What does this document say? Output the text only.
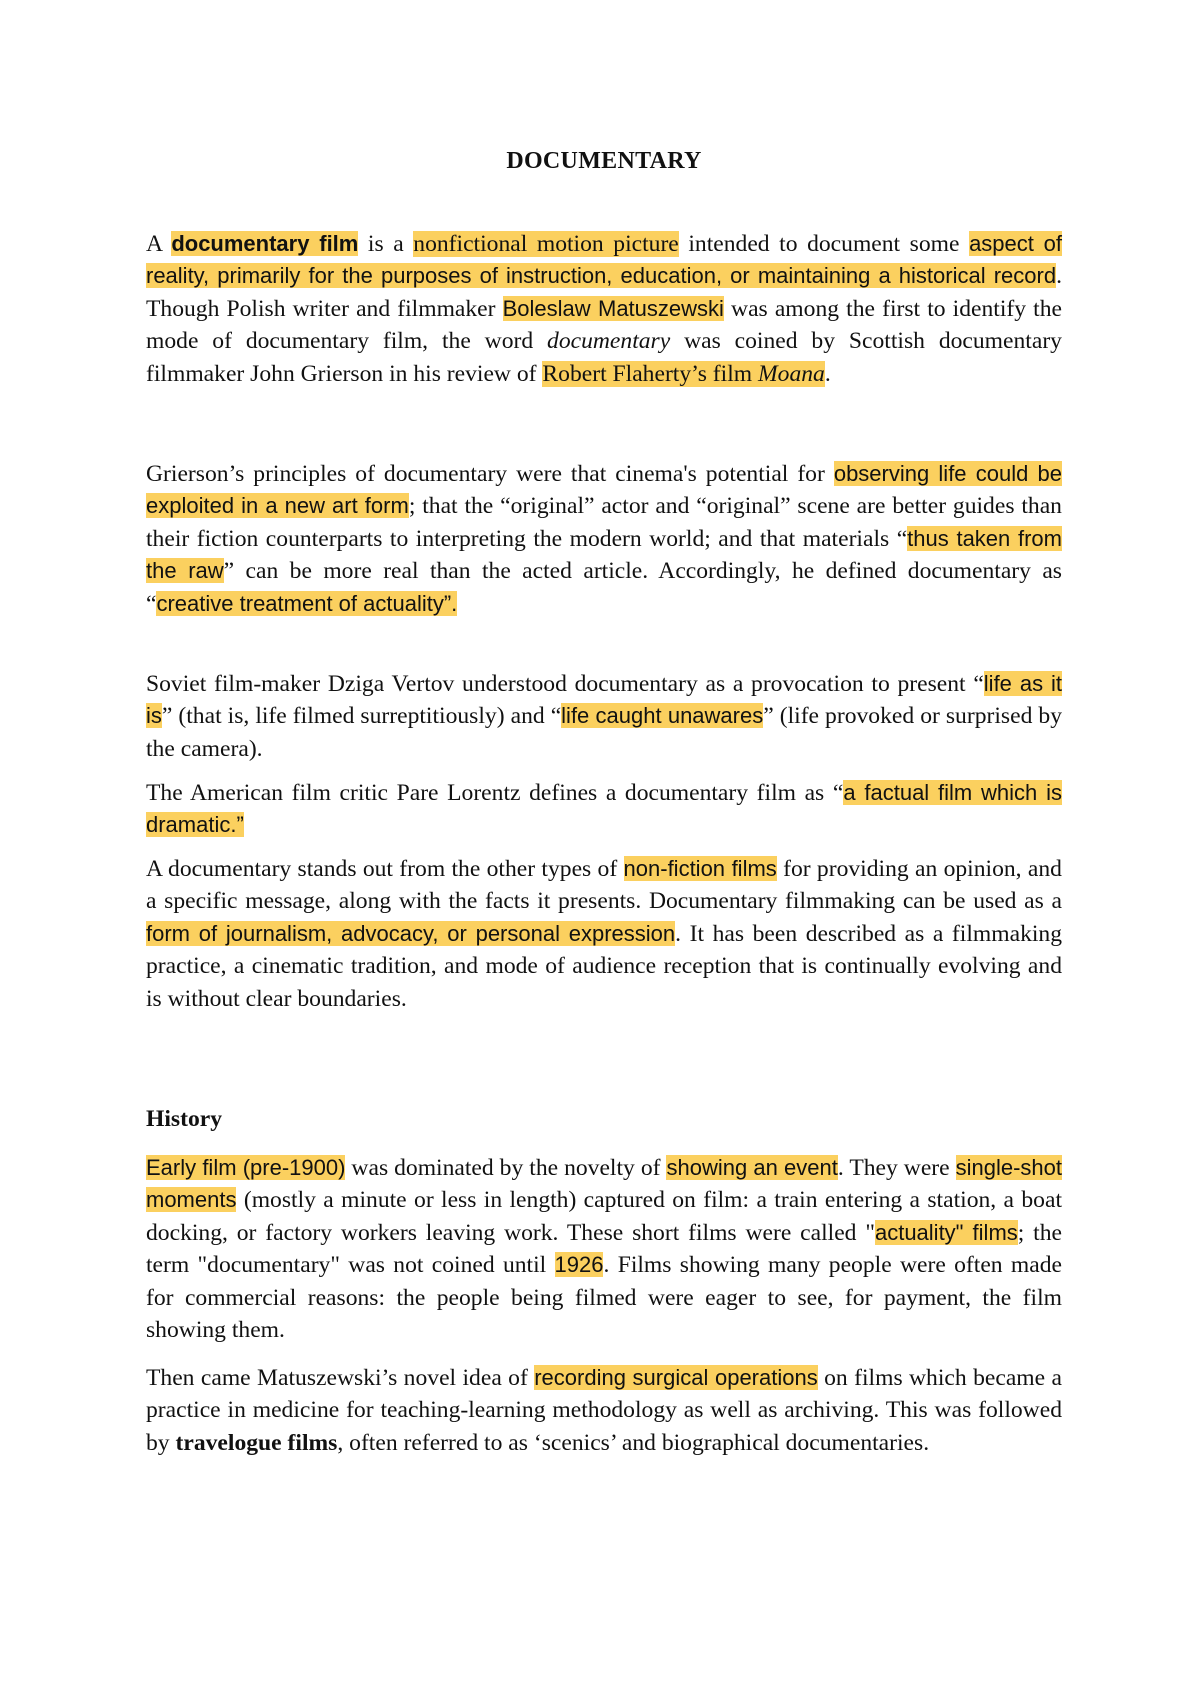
DOCUMENTARY

A documentary film is a nonfictional motion picture intended to document some aspect of reality, primarily for the purposes of instruction, education, or maintaining a historical record. Though Polish writer and filmmaker Boleslaw Matuszewski was among the first to identify the mode of documentary film, the word documentary was coined by Scottish documentary filmmaker John Grierson in his review of Robert Flaherty’s film Moana.

Grierson’s principles of documentary were that cinema's potential for observing life could be exploited in a new art form; that the “original” actor and “original” scene are better guides than their fiction counterparts to interpreting the modern world; and that materials “thus taken from the raw” can be more real than the acted article. Accordingly, he defined documentary as “creative treatment of actuality”.

Soviet film-maker Dziga Vertov understood documentary as a provocation to present “life as it is” (that is, life filmed surreptitiously) and “life caught unawares” (life provoked or surprised by the camera).

The American film critic Pare Lorentz defines a documentary film as “a factual film which is dramatic.”

A documentary stands out from the other types of non-fiction films for providing an opinion, and a specific message, along with the facts it presents. Documentary filmmaking can be used as a form of journalism, advocacy, or personal expression. It has been described as a filmmaking practice, a cinematic tradition, and mode of audience reception that is continually evolving and is without clear boundaries.

History

Early film (pre-1900) was dominated by the novelty of showing an event. They were single-shot moments (mostly a minute or less in length) captured on film: a train entering a station, a boat docking, or factory workers leaving work. These short films were called "actuality" films; the term "documentary" was not coined until 1926. Films showing many people were often made for commercial reasons: the people being filmed were eager to see, for payment, the film showing them.

Then came Matuszewski’s novel idea of recording surgical operations on films which became a practice in medicine for teaching-learning methodology as well as archiving. This was followed by travelogue films, often referred to as ‘scenics’ and biographical documentaries.
